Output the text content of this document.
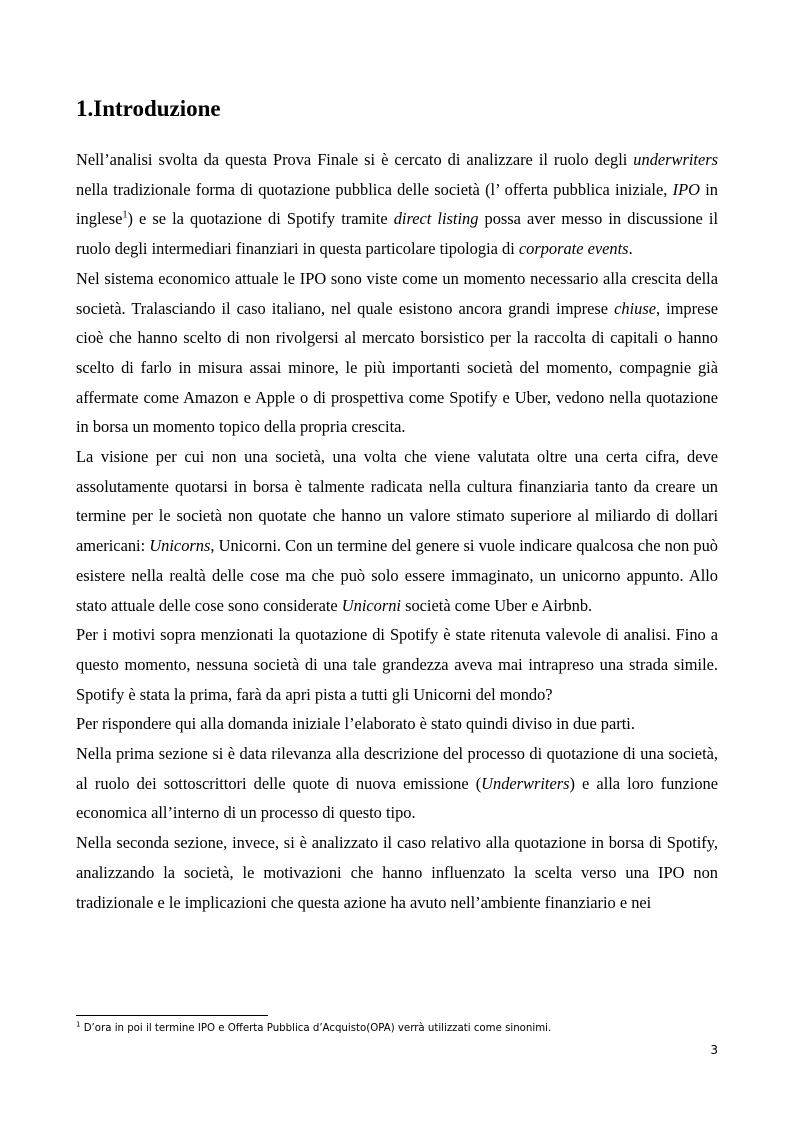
1.Introduzione

Nell’analisi svolta da questa Prova Finale si è cercato di analizzare il ruolo degli underwriters nella tradizionale forma di quotazione pubblica delle società (l’ offerta pubblica iniziale, IPO in inglese$^1$) e se la quotazione di Spotify tramite direct listing possa aver messo in discussione il ruolo degli intermediari finanziari in questa particolare tipologia di corporate events.

Nel sistema economico attuale le IPO sono viste come un momento necessario alla crescita della società. Tralasciando il caso italiano, nel quale esistono ancora grandi imprese chiuse, imprese cioè che hanno scelto di non rivolgersi al mercato borsistico per la raccolta di capitali o hanno scelto di farlo in misura assai minore, le più importanti società del momento, compagnie già affermate come Amazon e Apple o di prospettiva come Spotify e Uber, vedono nella quotazione in borsa un momento topico della propria crescita.

La visione per cui non una società, una volta che viene valutata oltre una certa cifra, deve assolutamente quotarsi in borsa è talmente radicata nella cultura finanziaria tanto da creare un termine per le società non quotate che hanno un valore stimato superiore al miliardo di dollari americani: Unicorns, Unicorni. Con un termine del genere si vuole indicare qualcosa che non può esistere nella realtà delle cose ma che può solo essere immaginato, un unicorno appunto. Allo stato attuale delle cose sono considerate Unicorni società come Uber e Airbnb.

Per i motivi sopra menzionati la quotazione di Spotify è state ritenuta valevole di analisi. Fino a questo momento, nessuna società di una tale grandezza aveva mai intrapreso una strada simile. Spotify è stata la prima, farà da apri pista a tutti gli Unicorni del mondo?

Per rispondere qui alla domanda iniziale l’elaborato è stato quindi diviso in due parti.

Nella prima sezione si è data rilevanza alla descrizione del processo di quotazione di una società, al ruolo dei sottoscrittori delle quote di nuova emissione (Underwriters) e alla loro funzione economica all’interno di un processo di questo tipo.

Nella seconda sezione, invece, si è analizzato il caso relativo alla quotazione in borsa di Spotify, analizzando la società, le motivazioni che hanno influenzato la scelta verso una IPO non tradizionale e le implicazioni che questa azione ha avuto nell’ambiente finanziario e nei

$^1$ D’ora in poi il termine IPO e Offerta Pubblica d’Acquisto(OPA) verrà utilizzati come sinonimi.
3
